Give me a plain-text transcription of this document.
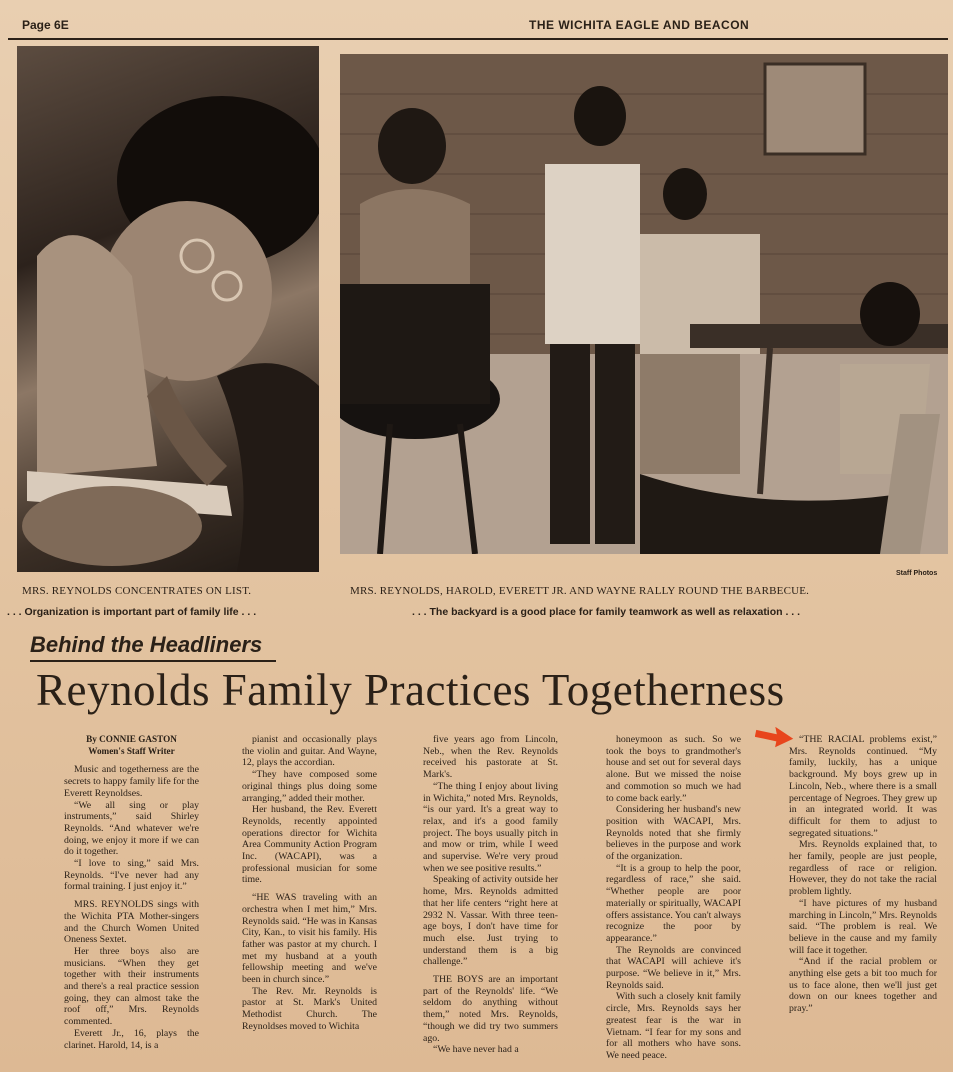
Page 6E	THE WICHITA EAGLE AND BEACON
Staff Photos
MRS. REYNOLDS CONCENTRATES ON LIST.
. . . Organization is important part of family life . . .
MRS. REYNOLDS, HAROLD, EVERETT JR. AND WAYNE RALLY ROUND THE BARBECUE.
. . . The backyard is a good place for family teamwork as well as relaxation . . .
Behind the Headliners
Reynolds Family Practices Togetherness

By CONNIE GASTON

Women's Staff Writer

Music and togetherness are the secrets to happy family life for the Everett Reynoldses.

“We all sing or play instruments,” said Shirley Reynolds. “And whatever we're doing, we enjoy it more if we can do it together.

“I love to sing,” said Mrs. Reynolds. “I've never had any formal training. I just enjoy it.”

MRS. REYNOLDS sings with the Wichita PTA Mother-singers and the Church Women United Oneness Sextet.

Her three boys also are musicians. “When they get together with their instruments and there's a real practice session going, they can almost take the roof off,” Mrs. Reynolds commented.

Everett Jr., 16, plays the clarinet. Harold, 14, is a

pianist and occasionally plays the violin and guitar. And Wayne, 12, plays the accordian.

“They have composed some original things plus doing some arranging,” added their mother.

Her husband, the Rev. Everett Reynolds, recently appointed operations director for Wichita Area Community Action Program Inc. (WACAPI), was a professional musician for some time.

“HE WAS traveling with an orchestra when I met him,” Mrs. Reynolds said. “He was in Kansas City, Kan., to visit his family. His father was pastor at my church. I met my husband at a youth fellowship meeting and we've been in church since.”

The Rev. Mr. Reynolds is pastor at St. Mark's United Methodist Church. The Reynoldses moved to Wichita

five years ago from Lincoln, Neb., when the Rev. Reynolds received his pastorate at St. Mark's.

“The thing I enjoy about living in Wichita,” noted Mrs. Reynolds, “is our yard. It's a great way to relax, and it's a good family project. The boys usually pitch in and mow or trim, while I weed and supervise. We're very proud when we see positive results.”

Speaking of activity outside her home, Mrs. Reynolds admitted that her life centers “right here at 2932 N. Vassar. With three teen-age boys, I don't have time for much else. Just trying to understand them is a big challenge.”

THE BOYS are an important part of the Reynolds' life. “We seldom do anything without them,” noted Mrs. Reynolds, “though we did try two summers ago.

“We have never had a

honeymoon as such. So we took the boys to grandmother's house and set out for several days alone. But we missed the noise and commotion so much we had to come back early.”

Considering her husband's new position with WACAPI, Mrs. Reynolds noted that she firmly believes in the purpose and work of the organization.

“It is a group to help the poor, regardless of race,” she said. “Whether people are poor materially or spiritually, WACAPI offers assistance. You can't always recognize the poor by appearance.”

The Reynolds are convinced that WACAPI will achieve it's purpose. “We believe in it,” Mrs. Reynolds said.

With such a closely knit family circle, Mrs. Reynolds says her greatest fear is the war in Vietnam. “I fear for my sons and for all mothers who have sons. We need peace.

“THE RACIAL problems exist,” Mrs. Reynolds continued. “My family, luckily, has a unique background. My boys grew up in Lincoln, Neb., where there is a small percentage of Negroes. They grew up in an integrated world. It was difficult for them to adjust to segregated situations.”

Mrs. Reynolds explained that, to her family, people are just people, regardless of race or religion. However, they do not take the racial problem lightly.

“I have pictures of my husband marching in Lincoln,” Mrs. Reynolds said. “The problem is real. We believe in the cause and my family will face it together.

“And if the racial problem or anything else gets a bit too much for us to face alone, then we'll just get down on our knees together and pray.”
